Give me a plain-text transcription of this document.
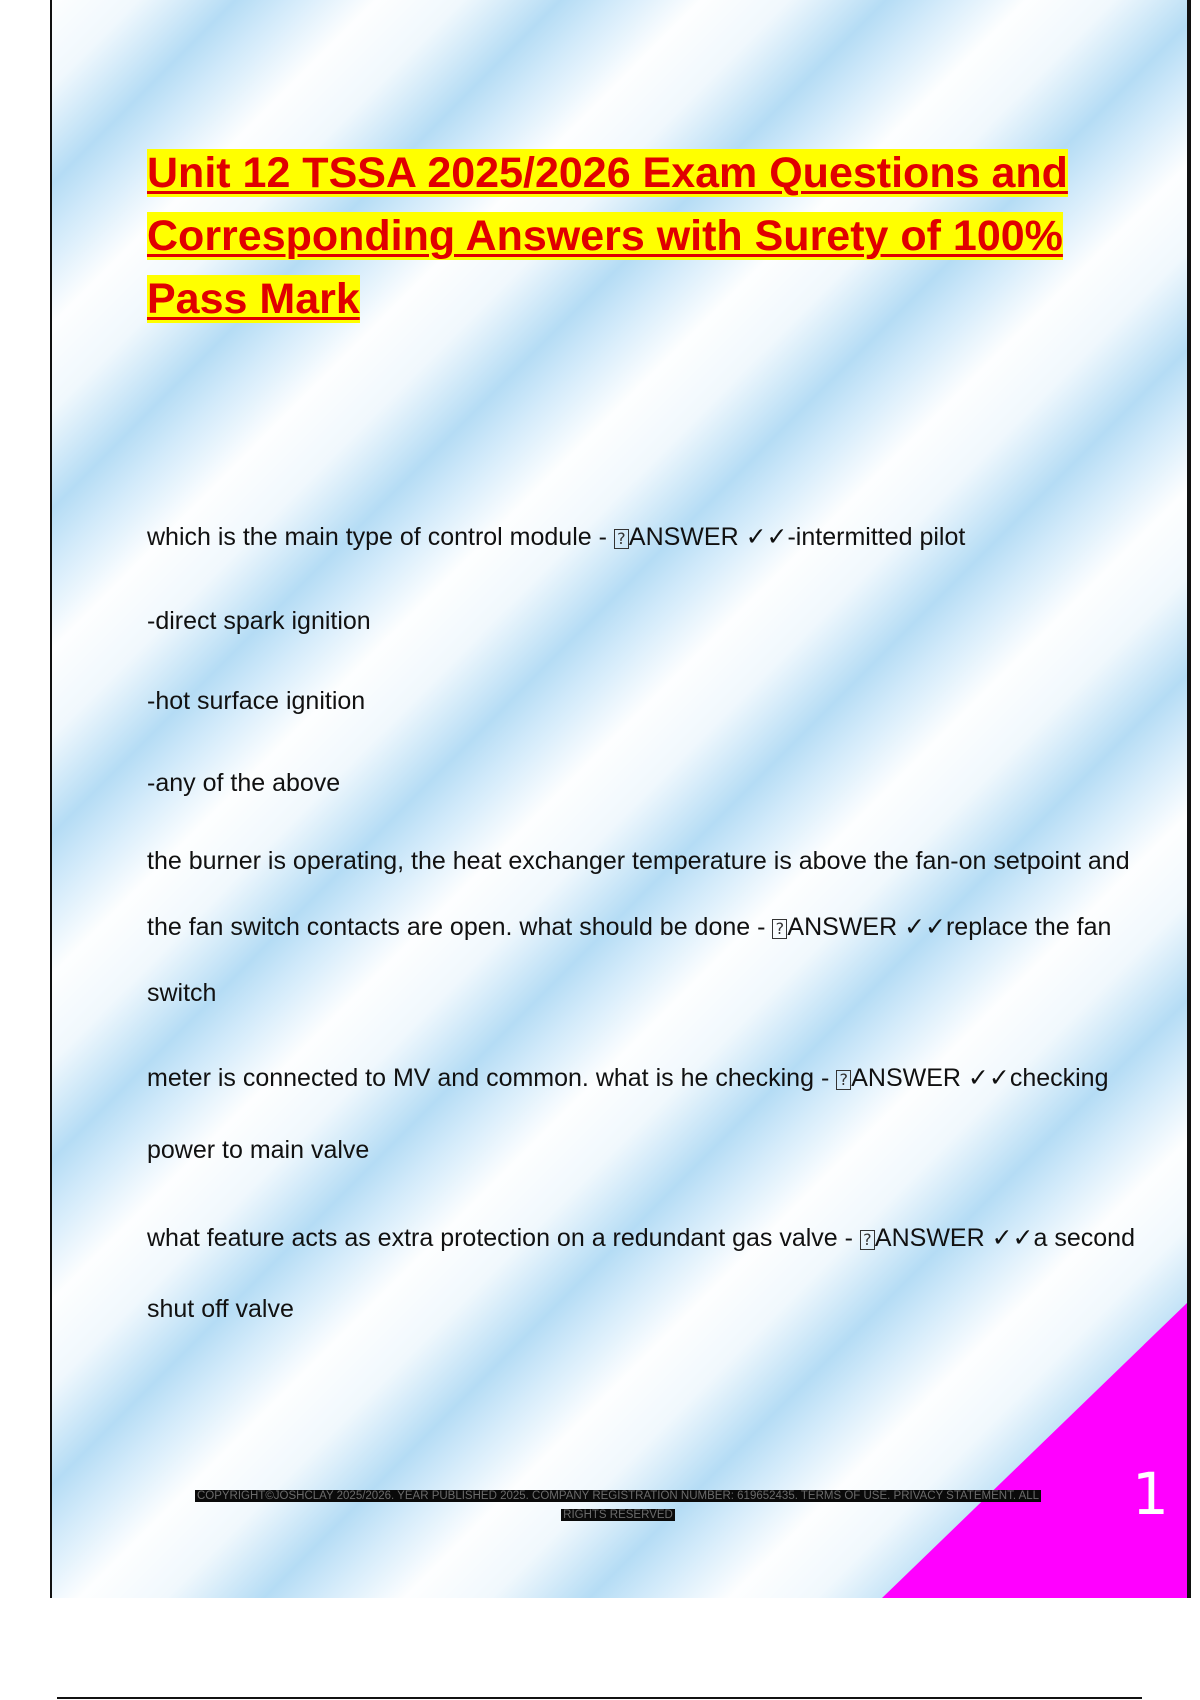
Unit 12 TSSA 2025/2026 Exam Questions and Corresponding Answers with Surety of 100% Pass Mark

which is the main type of control module - ? ANSWER ✓✓-intermitted pilot

-direct spark ignition

-hot surface ignition

-any of the above

the burner is operating, the heat exchanger temperature is above the fan-on setpoint and the fan switch contacts are open. what should be done - ? ANSWER ✓✓replace the fan switch

meter is connected to MV and common. what is he checking - ? ANSWER ✓✓checking power to main valve

what feature acts as extra protection on a redundant gas valve - ? ANSWER ✓✓a second shut off valve

COPYRIGHT©JOSHCLAY 2025/2026. YEAR PUBLISHED 2025. COMPANY REGISTRATION NUMBER: 619652435. TERMS OF USE. PRIVACY STATEMENT. ALL RIGHTS RESERVED	1
